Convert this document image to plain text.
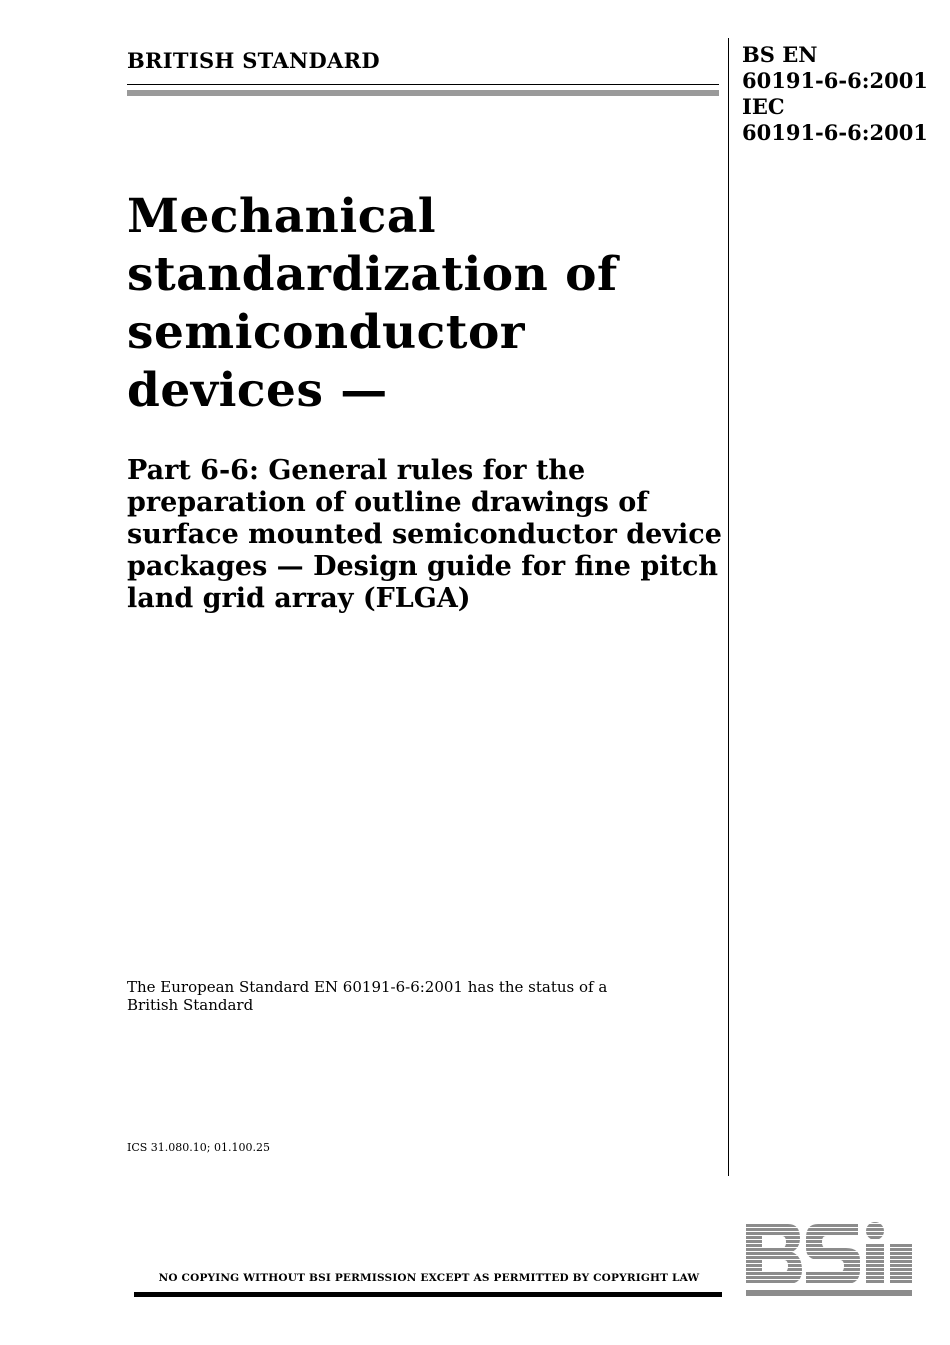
BRITISH STANDARD	BS EN
60191-6-6:2001
IEC
60191-6-6:2001
Mechanical
standardization of
semiconductor
devices —
Part 6-6: General rules for the preparation of outline drawings of surface mounted semiconductor device packages — Design guide for fine pitch land grid array (FLGA)
The European Standard EN 60191-6-6:2001 has the status of a British Standard
ICS 31.080.10; 01.100.25
NO COPYING WITHOUT BSI PERMISSION EXCEPT AS PERMITTED BY COPYRIGHT LAW
